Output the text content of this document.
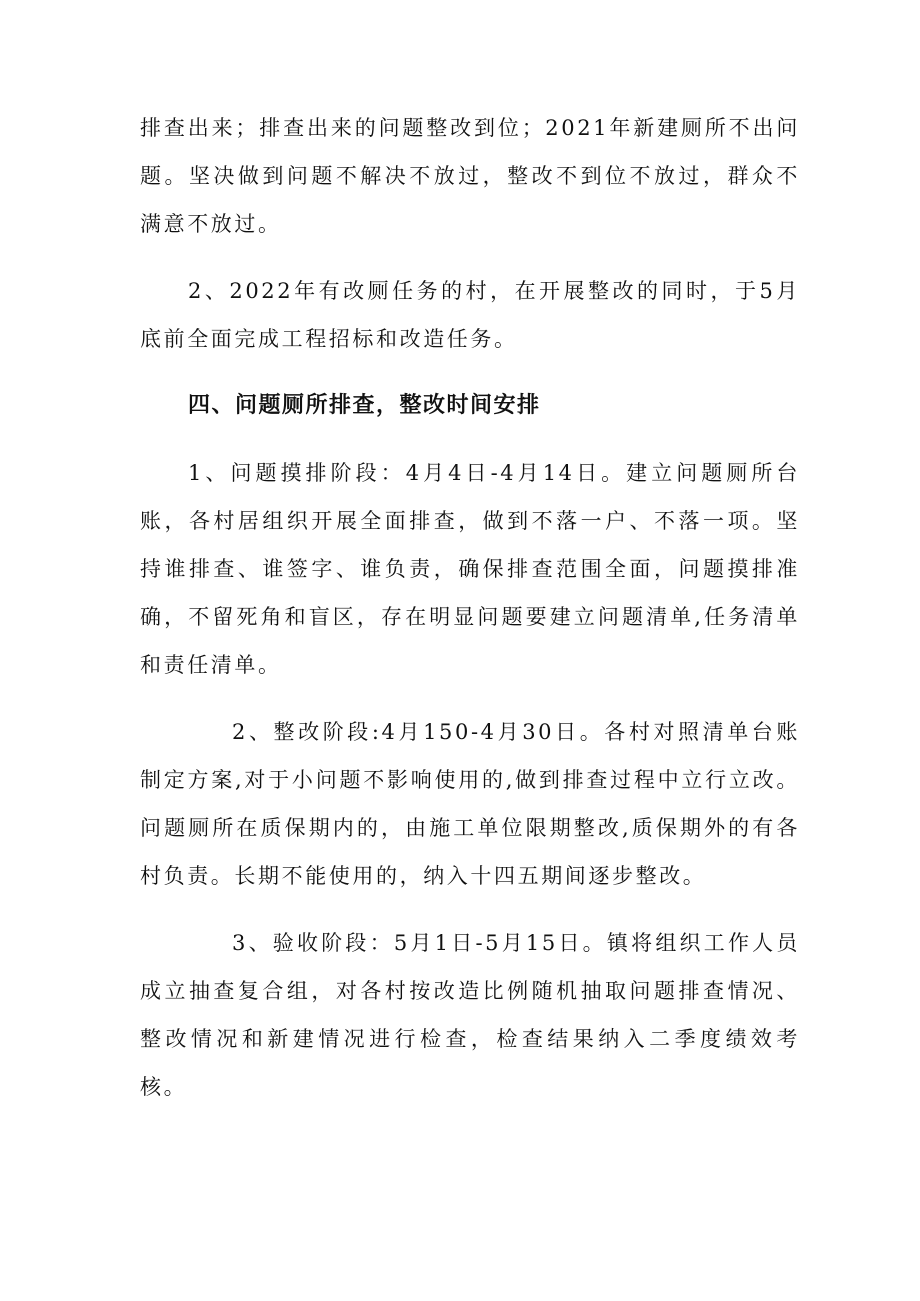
排查出来；排查出来的问题整改到位；2021年新建厕所不出问题。坚决做到问题不解决不放过，整改不到位不放过，群众不满意不放过。

2、2022年有改厕任务的村，在开展整改的同时，于5月底前全面完成工程招标和改造任务。

四、问题厕所排查，整改时间安排

1、问题摸排阶段：4月4日-4月14日。建立问题厕所台账，各村居组织开展全面排查，做到不落一户、不落一项。坚持谁排查、谁签字、谁负责，确保排查范围全面，问题摸排准确，不留死角和盲区，存在明显问题要建立问题清单,任务清单和责任清单。

2、整改阶段:4月150-4月30日。各村对照清单台账制定方案,对于小问题不影响使用的,做到排查过程中立行立改。问题厕所在质保期内的，由施工单位限期整改,质保期外的有各村负责。长期不能使用的，纳入十四五期间逐步整改。

3、验收阶段：5月1日-5月15日。镇将组织工作人员成立抽查复合组，对各村按改造比例随机抽取问题排查情况、整改情况和新建情况进行检查，检查结果纳入二季度绩效考核。
